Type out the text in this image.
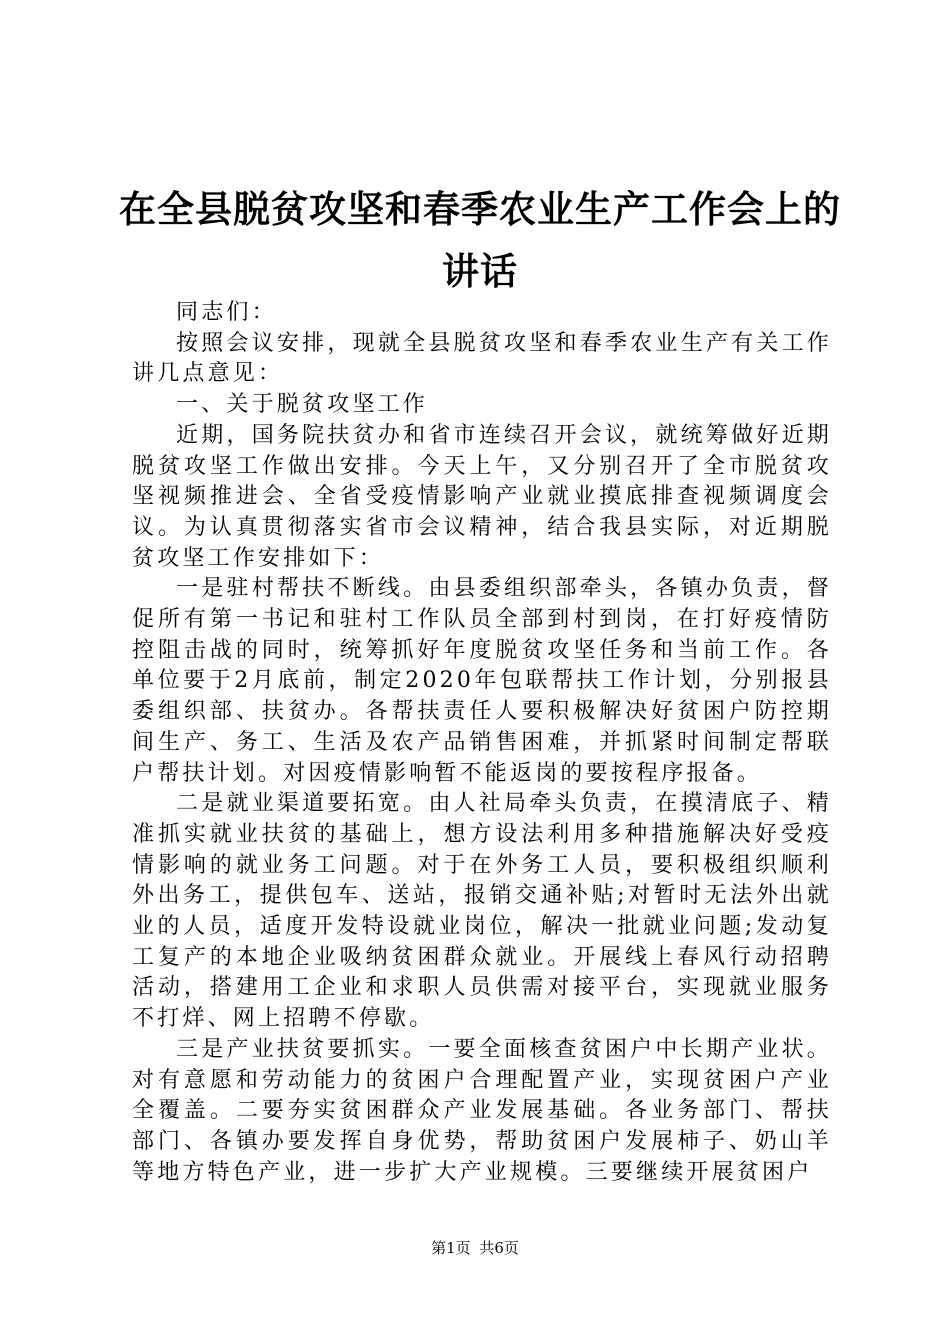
在全县脱贫攻坚和春季农业生产工作会上的讲话

同志们：

按照会议安排，现就全县脱贫攻坚和春季农业生产有关工作讲几点意见：

一、关于脱贫攻坚工作

近期，国务院扶贫办和省市连续召开会议，就统筹做好近期脱贫攻坚工作做出安排。今天上午，又分别召开了全市脱贫攻坚视频推进会、全省受疫情影响产业就业摸底排查视频调度会议。为认真贯彻落实省市会议精神，结合我县实际，对近期脱贫攻坚工作安排如下：

一是驻村帮扶不断线。由县委组织部牵头，各镇办负责，督促所有第一书记和驻村工作队员全部到村到岗，在打好疫情防控阻击战的同时，统筹抓好年度脱贫攻坚任务和当前工作。各单位要于2月底前，制定2020年包联帮扶工作计划，分别报县委组织部、扶贫办。各帮扶责任人要积极解决好贫困户防控期间生产、务工、生活及农产品销售困难，并抓紧时间制定帮联户帮扶计划。对因疫情影响暂不能返岗的要按程序报备。

二是就业渠道要拓宽。由人社局牵头负责，在摸清底子、精准抓实就业扶贫的基础上，想方设法利用多种措施解决好受疫情影响的就业务工问题。对于在外务工人员，要积极组织顺利外出务工，提供包车、送站，报销交通补贴;对暂时无法外出就业的人员，适度开发特设就业岗位，解决一批就业问题;发动复工复产的本地企业吸纳贫困群众就业。开展线上春风行动招聘活动，搭建用工企业和求职人员供需对接平台，实现就业服务不打烊、网上招聘不停歇。

三是产业扶贫要抓实。一要全面核查贫困户中长期产业状。对有意愿和劳动能力的贫困户合理配置产业，实现贫困户产业全覆盖。二要夯实贫困群众产业发展基础。各业务部门、帮扶部门、各镇办要发挥自身优势，帮助贫困户发展柿子、奶山羊等地方特色产业，进一步扩大产业规模。三要继续开展贫困户

第1页 共6页
